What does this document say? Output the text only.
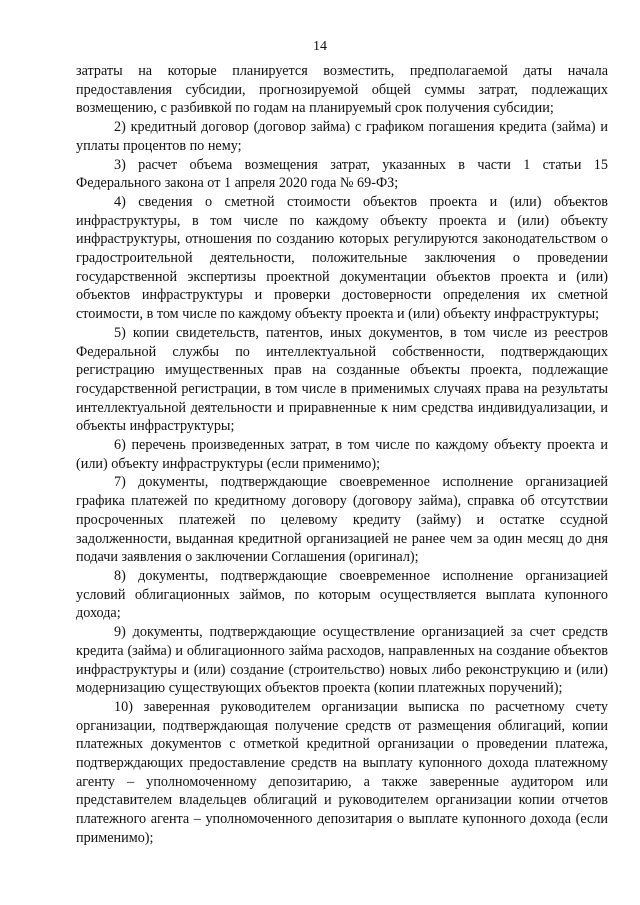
14

затраты на которые планируется возместить, предполагаемой даты начала предоставления субсидии, прогнозируемой общей суммы затрат, подлежащих возмещению, с разбивкой по годам на планируемый срок получения субсидии;

2) кредитный договор (договор займа) с графиком погашения кредита (займа) и уплаты процентов по нему;

3) расчет объема возмещения затрат, указанных в части 1 статьи 15 Федерального закона от 1 апреля 2020 года № 69-ФЗ;

4) сведения о сметной стоимости объектов проекта и (или) объектов инфраструктуры, в том числе по каждому объекту проекта и (или) объекту инфраструктуры, отношения по созданию которых регулируются законодательством о градостроительной деятельности, положительные заключения о проведении государственной экспертизы проектной документации объектов проекта и (или) объектов инфраструктуры и проверки достоверности определения их сметной стоимости, в том числе по каждому объекту проекта и (или) объекту инфраструктуры;

5) копии свидетельств, патентов, иных документов, в том числе из реестров Федеральной службы по интеллектуальной собственности, подтверждающих регистрацию имущественных прав на созданные объекты проекта, подлежащие государственной регистрации, в том числе в применимых случаях права на результаты интеллектуальной деятельности и приравненные к ним средства индивидуализации, и объекты инфраструктуры;

6) перечень произведенных затрат, в том числе по каждому объекту проекта и (или) объекту инфраструктуры (если применимо);

7) документы, подтверждающие своевременное исполнение организацией графика платежей по кредитному договору (договору займа), справка об отсутствии просроченных платежей по целевому кредиту (займу) и остатке ссудной задолженности, выданная кредитной организацией не ранее чем за один месяц до дня подачи заявления о заключении Соглашения (оригинал);

8) документы, подтверждающие своевременное исполнение организацией условий облигационных займов, по которым осуществляется выплата купонного дохода;

9) документы, подтверждающие осуществление организацией за счет средств кредита (займа) и облигационного займа расходов, направленных на создание объектов инфраструктуры и (или) создание (строительство) новых либо реконструкцию и (или) модернизацию существующих объектов проекта (копии платежных поручений);

10) заверенная руководителем организации выписка по расчетному счету организации, подтверждающая получение средств от размещения облигаций, копии платежных документов с отметкой кредитной организации о проведении платежа, подтверждающих предоставление средств на выплату купонного дохода платежному агенту – уполномоченному депозитарию, а также заверенные аудитором или представителем владельцев облигаций и руководителем организации копии отчетов платежного агента – уполномоченного депозитария о выплате купонного дохода (если применимо);
